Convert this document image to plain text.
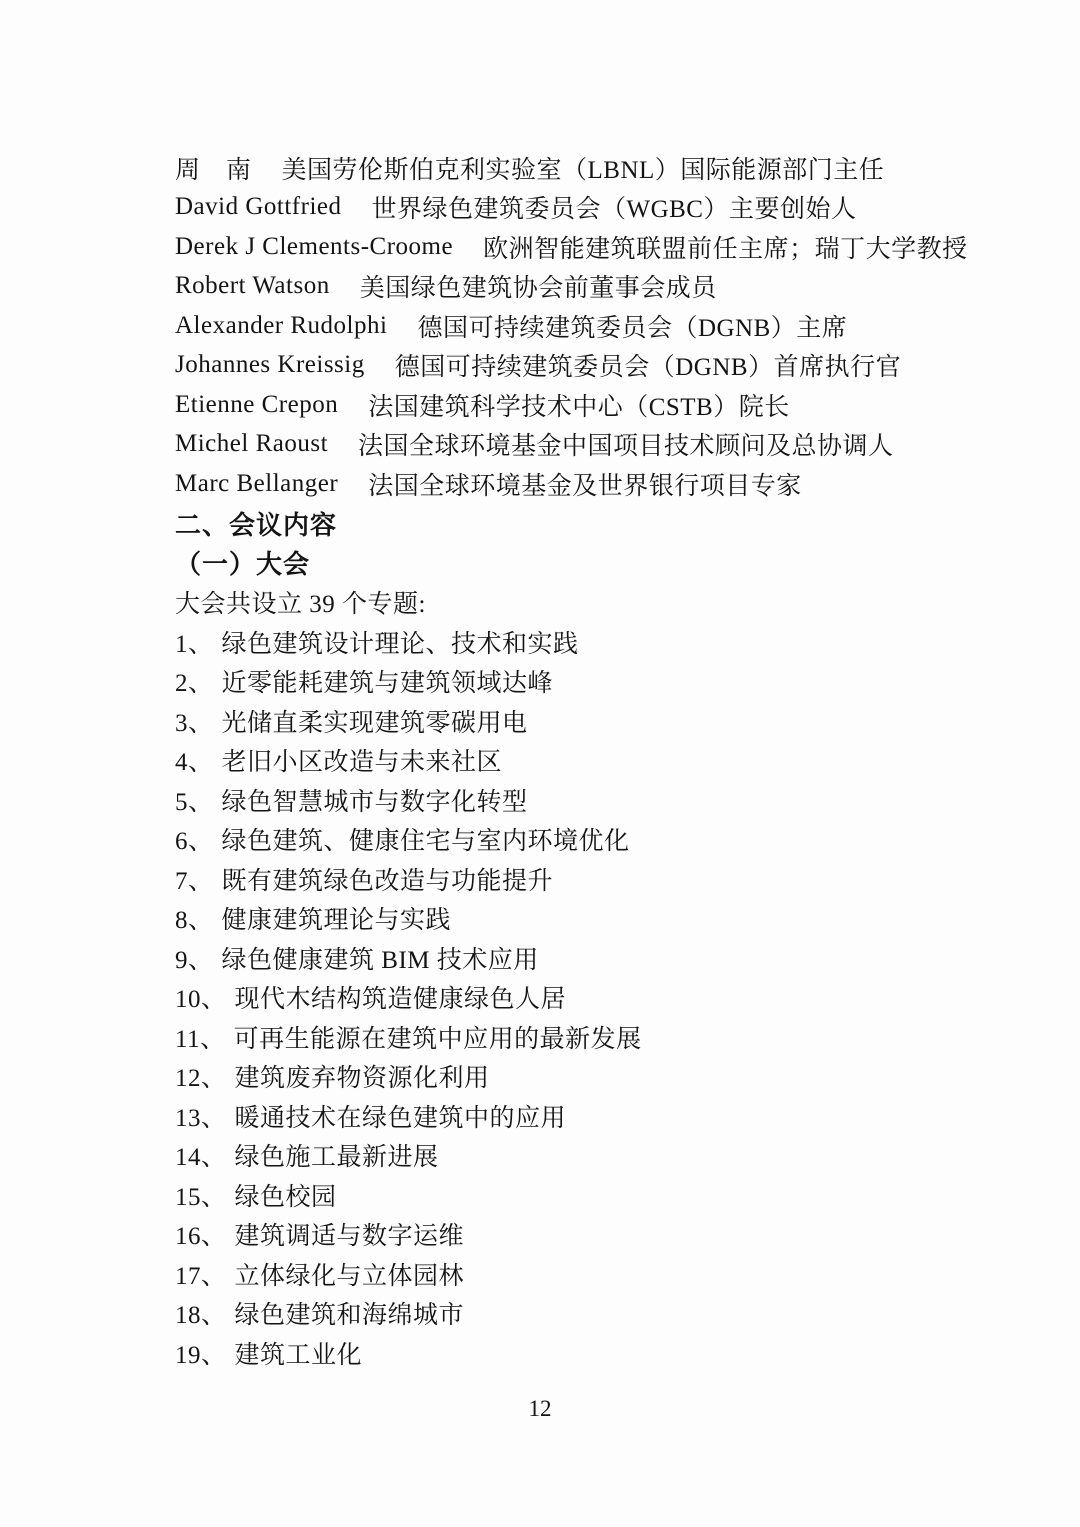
周　南 美国劳伦斯伯克利实验室（LBNL）国际能源部门主任
David Gottfried 世界绿色建筑委员会（WGBC）主要创始人
Derek J Clements-Croome 欧洲智能建筑联盟前任主席；瑞丁大学教授
Robert Watson 美国绿色建筑协会前董事会成员
Alexander Rudolphi 德国可持续建筑委员会（DGNB）主席
Johannes Kreissig 德国可持续建筑委员会（DGNB）首席执行官
Etienne Crepon 法国建筑科学技术中心（CSTB）院长
Michel Raoust 法国全球环境基金中国项目技术顾问及总协调人
Marc Bellanger 法国全球环境基金及世界银行项目专家
二、会议内容
（一）大会

大会共设立 39 个专题:

1、 绿色建筑设计理论、技术和实践
2、 近零能耗建筑与建筑领域达峰
3、 光储直柔实现建筑零碳用电
4、 老旧小区改造与未来社区
5、 绿色智慧城市与数字化转型
6、 绿色建筑、健康住宅与室内环境优化
7、 既有建筑绿色改造与功能提升
8、 健康建筑理论与实践
9、 绿色健康建筑 BIM 技术应用
10、 现代木结构筑造健康绿色人居
11、 可再生能源在建筑中应用的最新发展
12、 建筑废弃物资源化利用
13、 暖通技术在绿色建筑中的应用
14、 绿色施工最新进展
15、 绿色校园
16、 建筑调适与数字运维
17、 立体绿化与立体园林
18、 绿色建筑和海绵城市
19、 建筑工业化
12
